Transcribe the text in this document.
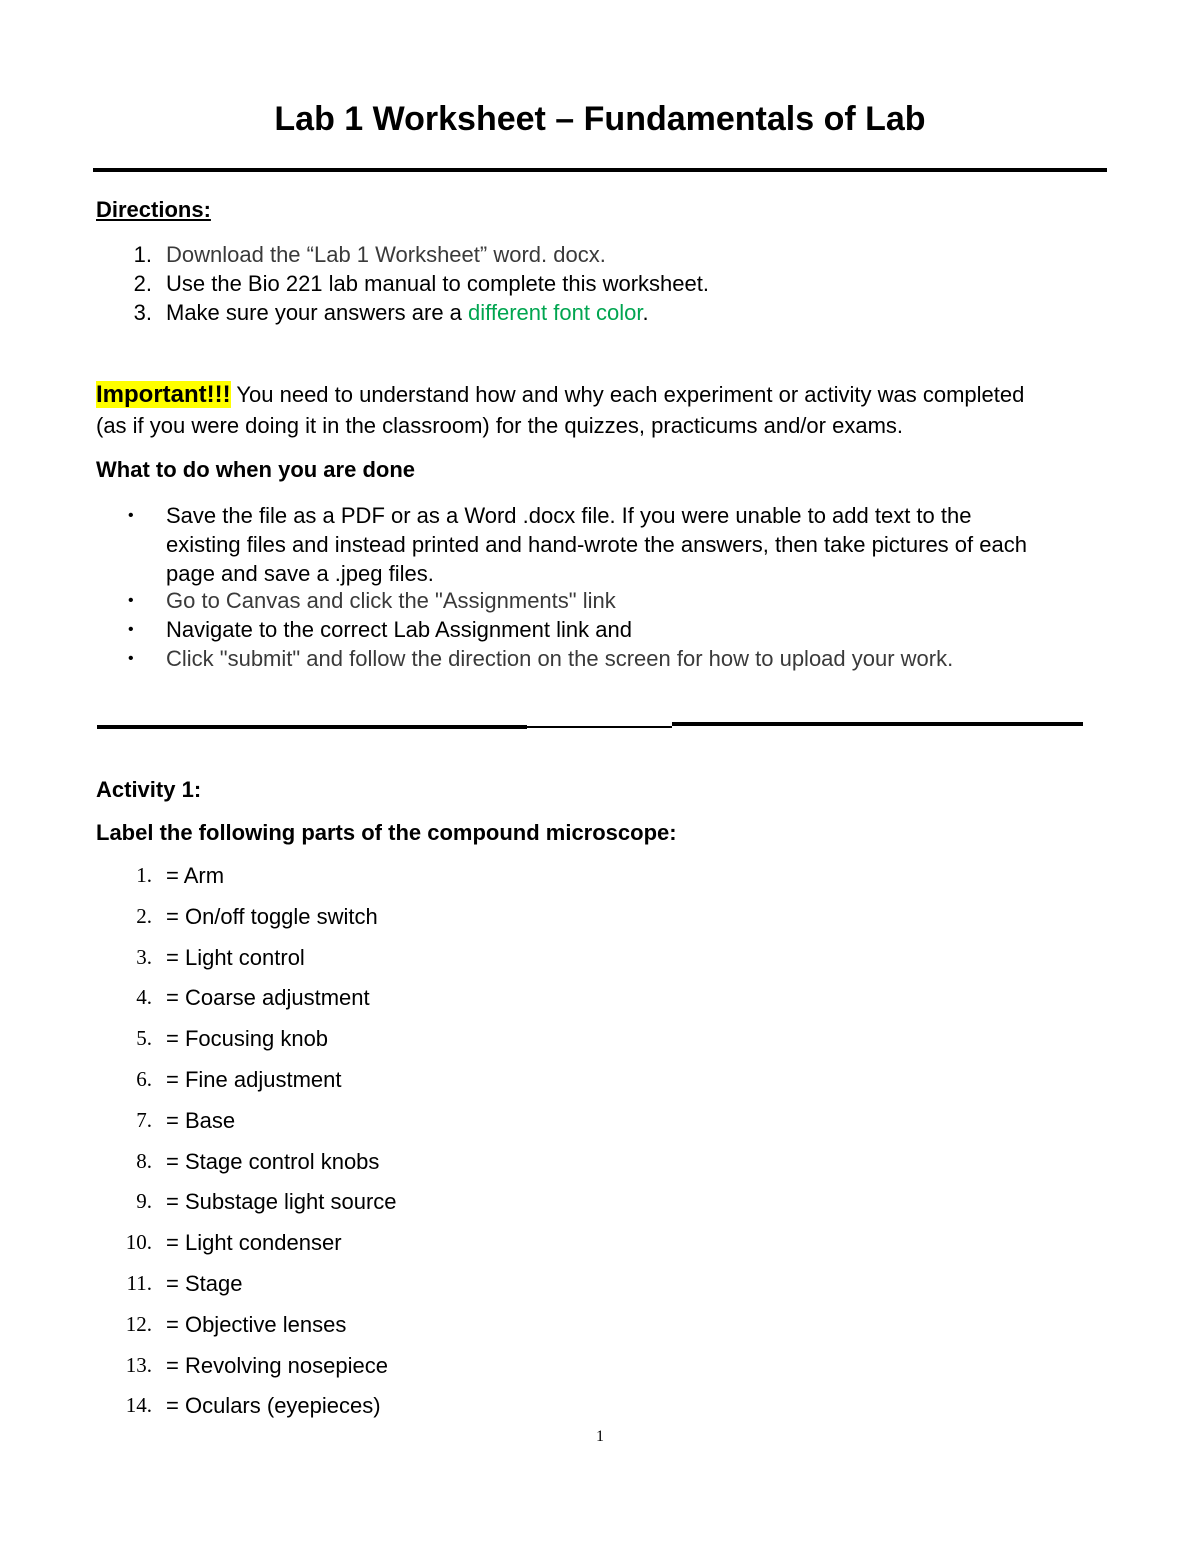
Lab 1 Worksheet – Fundamentals of Lab
Directions:
1. Download the “Lab 1 Worksheet” word. docx.
2. Use the Bio 221 lab manual to complete this worksheet.
3. Make sure your answers are a different font color.
Important!!! You need to understand how and why each experiment or activity was completed
(as if you were doing it in the classroom) for the quizzes, practicums and/or exams.
What to do when you are done
• Save the file as a PDF or as a Word .docx file. If you were unable to add text to the
existing files and instead printed and hand-wrote the answers, then take pictures of each
page and save a .jpeg files.
• Go to Canvas and click the "Assignments" link
• Navigate to the correct Lab Assignment link and
• Click "submit" and follow the direction on the screen for how to upload your work.
Activity 1:
Label the following parts of the compound microscope:
1. = Arm
2. = On/off toggle switch
3. = Light control
4. = Coarse adjustment
5. = Focusing knob
6. = Fine adjustment
7. = Base
8. = Stage control knobs
9. = Substage light source
10. = Light condenser
11. = Stage
12. = Objective lenses
13. = Revolving nosepiece
14. = Oculars (eyepieces)
1
